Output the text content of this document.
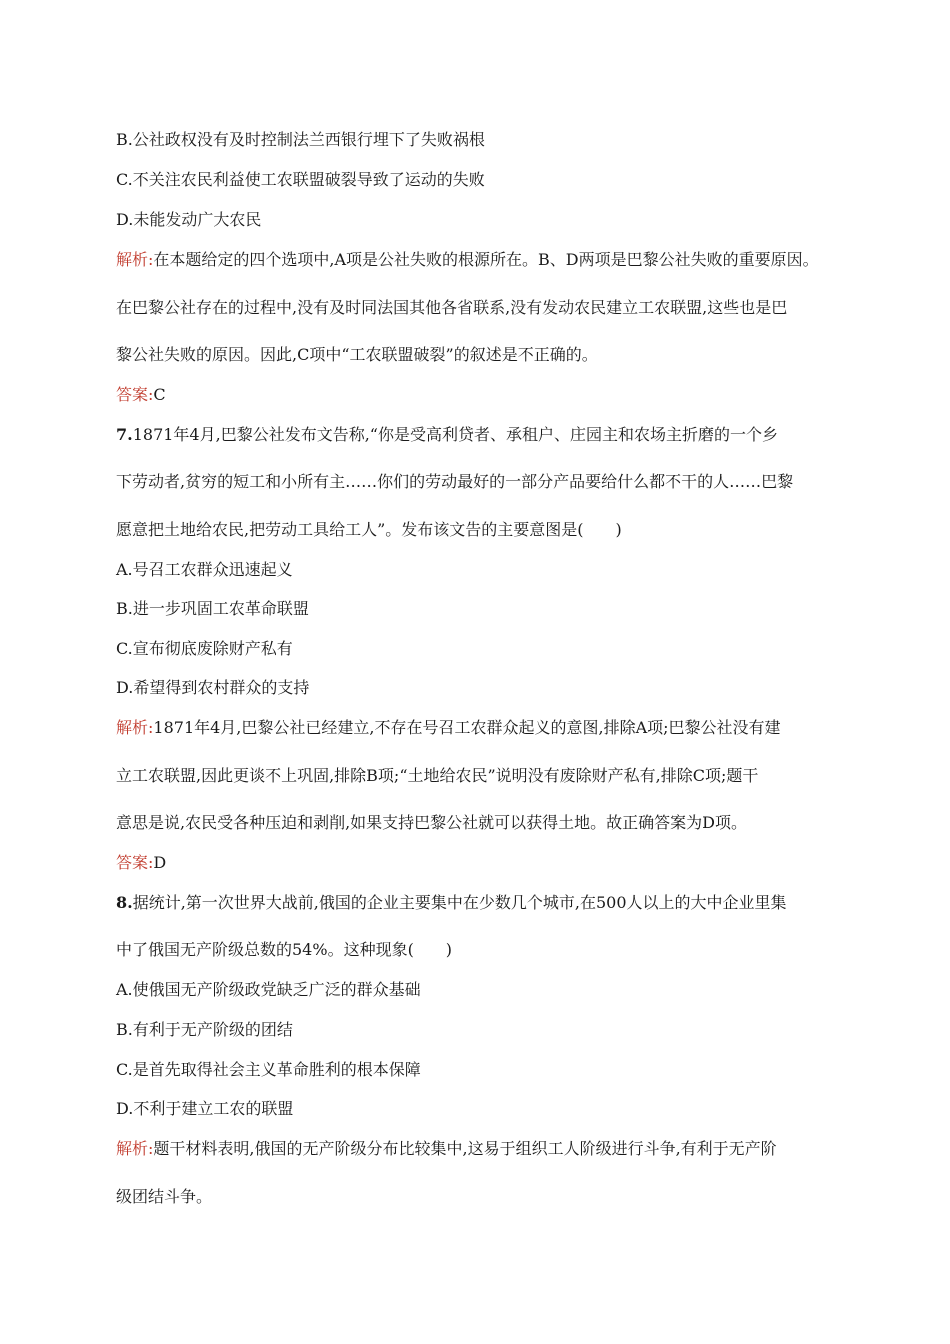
B.公社政权没有及时控制法兰西银行埋下了失败祸根
C.不关注农民利益使工农联盟破裂导致了运动的失败
D.未能发动广大农民
解析:在本题给定的四个选项中,A项是公社失败的根源所在。B、D两项是巴黎公社失败的重要原因。
在巴黎公社存在的过程中,没有及时同法国其他各省联系,没有发动农民建立工农联盟,这些也是巴
黎公社失败的原因。因此,C项中“工农联盟破裂”的叙述是不正确的。
答案:C
7.1871年4月,巴黎公社发布文告称,“你是受高利贷者、承租户、庄园主和农场主折磨的一个乡
下劳动者,贫穷的短工和小所有主……你们的劳动最好的一部分产品要给什么都不干的人……巴黎
愿意把土地给农民,把劳动工具给工人”。发布该文告的主要意图是(　　)
A.号召工农群众迅速起义
B.进一步巩固工农革命联盟
C.宣布彻底废除财产私有
D.希望得到农村群众的支持
解析:1871年4月,巴黎公社已经建立,不存在号召工农群众起义的意图,排除A项;巴黎公社没有建
立工农联盟,因此更谈不上巩固,排除B项;“土地给农民”说明没有废除财产私有,排除C项;题干
意思是说,农民受各种压迫和剥削,如果支持巴黎公社就可以获得土地。故正确答案为D项。
答案:D
8.据统计,第一次世界大战前,俄国的企业主要集中在少数几个城市,在500人以上的大中企业里集
中了俄国无产阶级总数的54%。这种现象(　　)
A.使俄国无产阶级政党缺乏广泛的群众基础
B.有利于无产阶级的团结
C.是首先取得社会主义革命胜利的根本保障
D.不利于建立工农的联盟
解析:题干材料表明,俄国的无产阶级分布比较集中,这易于组织工人阶级进行斗争,有利于无产阶
级团结斗争。
